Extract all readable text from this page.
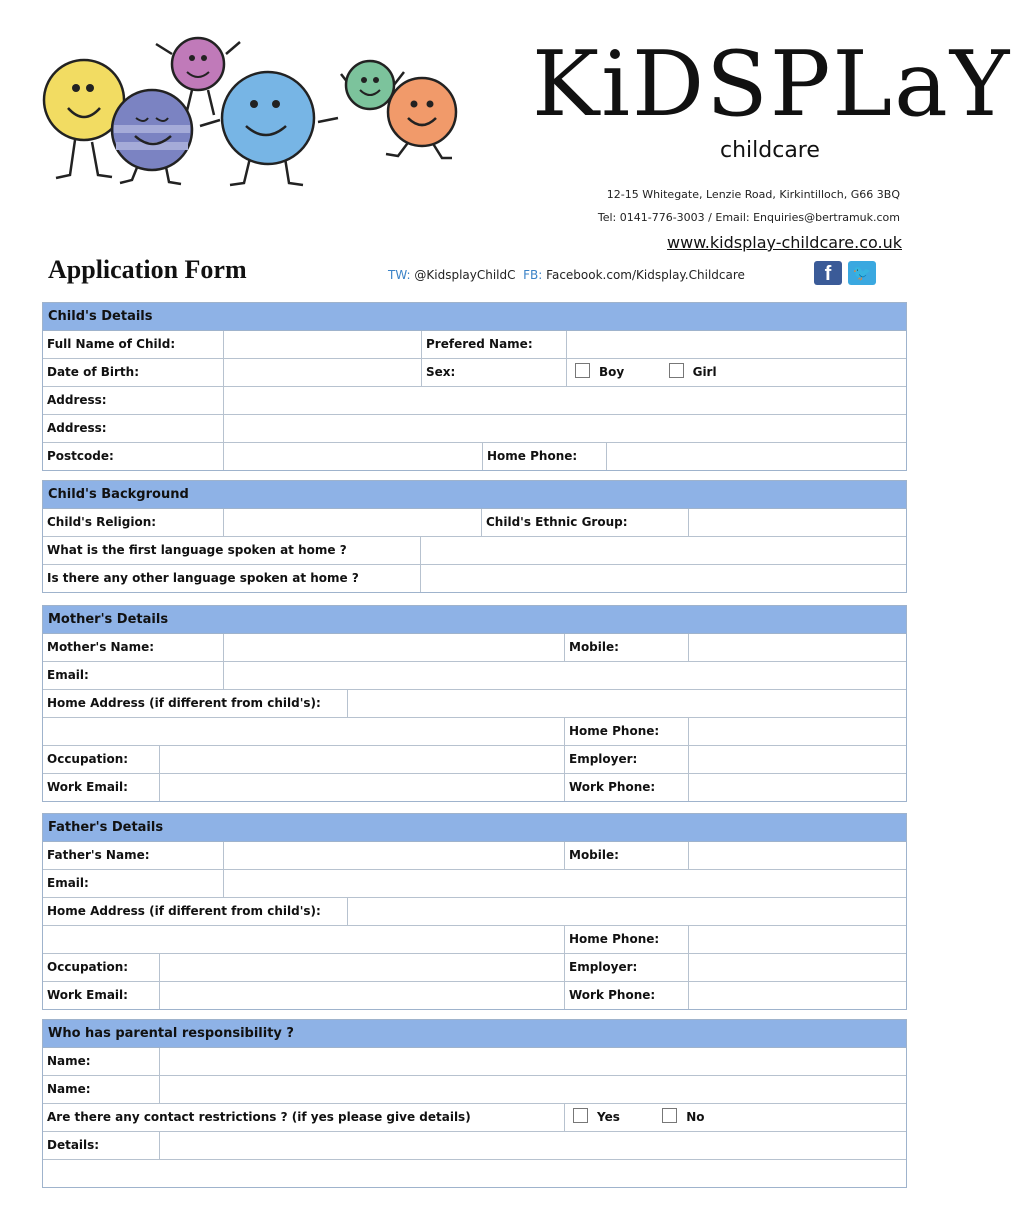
KiDSPLaY
childcare
12-15 Whitegate, Lenzie Road, Kirkintilloch, G66 3BQ
Tel: 0141-776-3003 / Email: Enquiries@bertramuk.com
www.kidsplay-childcare.co.uk
Application Form	TW: @KidsplayChildC FB: Facebook.com/Kidsplay.Childcare	f	🐦
Child's Details
Full Name of Child:	Prefered Name:
Date of Birth:	Sex:	Boy	Girl
Address:
Address:
Postcode:	Home Phone:
Child's Background
Child's Religion:	Child's Ethnic Group:
What is the first language spoken at home ?
Is there any other language spoken at home ?
Mother's Details
Mother's Name:	Mobile:
Email:
Home Address (if different from child's):
Home Phone:
Occupation:	Employer:
Work Email:	Work Phone:
Father's Details
Father's Name:	Mobile:
Email:
Home Address (if different from child's):
Home Phone:
Occupation:	Employer:
Work Email:	Work Phone:
Who has parental responsibility ?
Name:
Name:
Are there any contact restrictions ? (if yes please give details)	Yes	No
Details:
